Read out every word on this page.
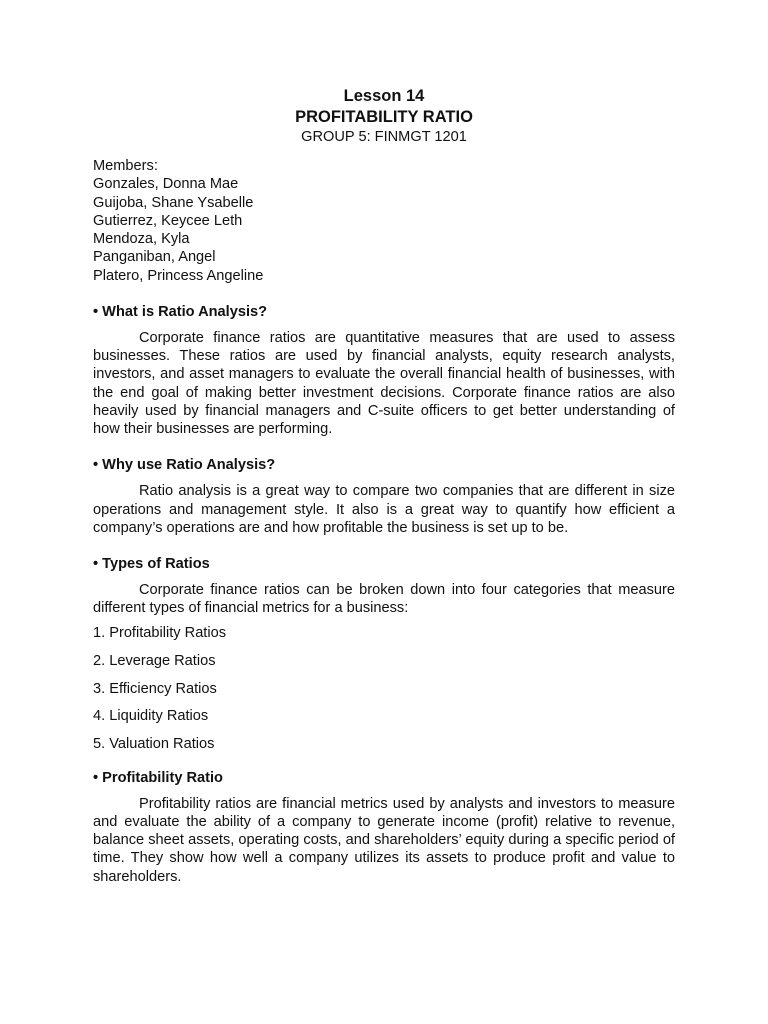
Lesson 14
PROFITABILITY RATIO
GROUP 5: FINMGT 1201
Members:
Gonzales, Donna Mae
Guijoba, Shane Ysabelle
Gutierrez, Keycee Leth
Mendoza, Kyla
Panganiban, Angel
Platero, Princess Angeline
• What is Ratio Analysis?
Corporate finance ratios are quantitative measures that are used to assess businesses. These ratios are used by financial analysts, equity research analysts, investors, and asset managers to evaluate the overall financial health of businesses, with the end goal of making better investment decisions. Corporate finance ratios are also heavily used by financial managers and C-suite officers to get better understanding of how their businesses are performing.
• Why use Ratio Analysis?
Ratio analysis is a great way to compare two companies that are different in size operations and management style. It also is a great way to quantify how efficient a company’s operations are and how profitable the business is set up to be.
• Types of Ratios
Corporate finance ratios can be broken down into four categories that measure different types of financial metrics for a business:
1. Profitability Ratios
2. Leverage Ratios
3. Efficiency Ratios
4. Liquidity Ratios
5. Valuation Ratios
• Profitability Ratio
Profitability ratios are financial metrics used by analysts and investors to measure and evaluate the ability of a company to generate income (profit) relative to revenue, balance sheet assets, operating costs, and shareholders’ equity during a specific period of time. They show how well a company utilizes its assets to produce profit and value to shareholders.
